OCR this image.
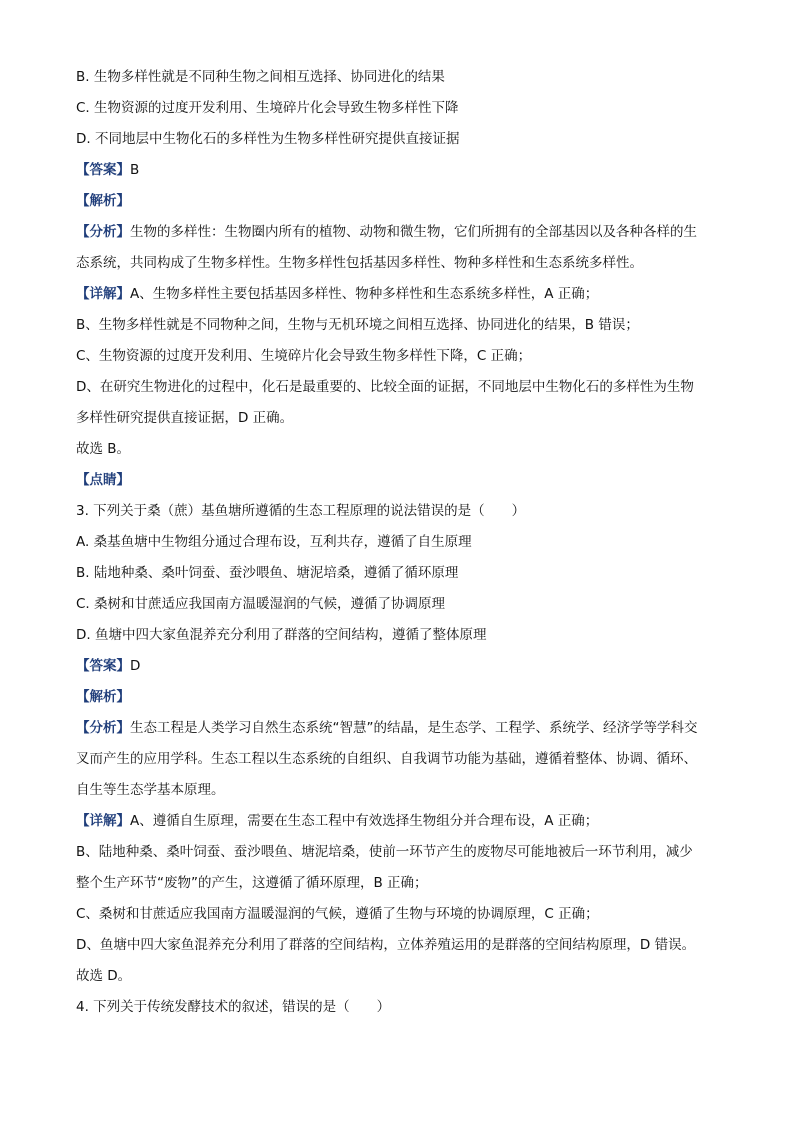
B. 生物多样性就是不同种生物之间相互选择、协同进化的结果
C. 生物资源的过度开发利用、生境碎片化会导致生物多样性下降
D. 不同地层中生物化石的多样性为生物多样性研究提供直接证据
【答案】B
【解析】
【分析】生物的多样性：生物圈内所有的植物、动物和微生物，它们所拥有的全部基因以及各种各样的生
态系统，共同构成了生物多样性。生物多样性包括基因多样性、物种多样性和生态系统多样性。
【详解】A、生物多样性主要包括基因多样性、物种多样性和生态系统多样性，A 正确；
B、生物多样性就是不同物种之间，生物与无机环境之间相互选择、协同进化的结果，B 错误；
C、生物资源的过度开发利用、生境碎片化会导致生物多样性下降，C 正确；
D、在研究生物进化的过程中，化石是最重要的、比较全面的证据，不同地层中生物化石的多样性为生物
多样性研究提供直接证据，D 正确。
故选 B。
【点睛】
3. 下列关于桑（蔗）基鱼塘所遵循的生态工程原理的说法错误的是（　　）
A. 桑基鱼塘中生物组分通过合理布设，互利共存，遵循了自生原理
B. 陆地种桑、桑叶饲蚕、蚕沙喂鱼、塘泥培桑，遵循了循环原理
C. 桑树和甘蔗适应我国南方温暖湿润的气候，遵循了协调原理
D. 鱼塘中四大家鱼混养充分利用了群落的空间结构，遵循了整体原理
【答案】D
【解析】
【分析】生态工程是人类学习自然生态系统“智慧”的结晶，是生态学、工程学、系统学、经济学等学科交
叉而产生的应用学科。生态工程以生态系统的自组织、自我调节功能为基础，遵循着整体、协调、循环、
自生等生态学基本原理。
【详解】A、遵循自生原理，需要在生态工程中有效选择生物组分并合理布设，A 正确；
B、陆地种桑、桑叶饲蚕、蚕沙喂鱼、塘泥培桑，使前一环节产生的废物尽可能地被后一环节利用，减少
整个生产环节“废物”的产生，这遵循了循环原理，B 正确；
C、桑树和甘蔗适应我国南方温暖湿润的气候，遵循了生物与环境的协调原理，C 正确；
D、鱼塘中四大家鱼混养充分利用了群落的空间结构，立体养殖运用的是群落的空间结构原理，D 错误。
故选 D。
4. 下列关于传统发酵技术的叙述，错误的是（　　）
